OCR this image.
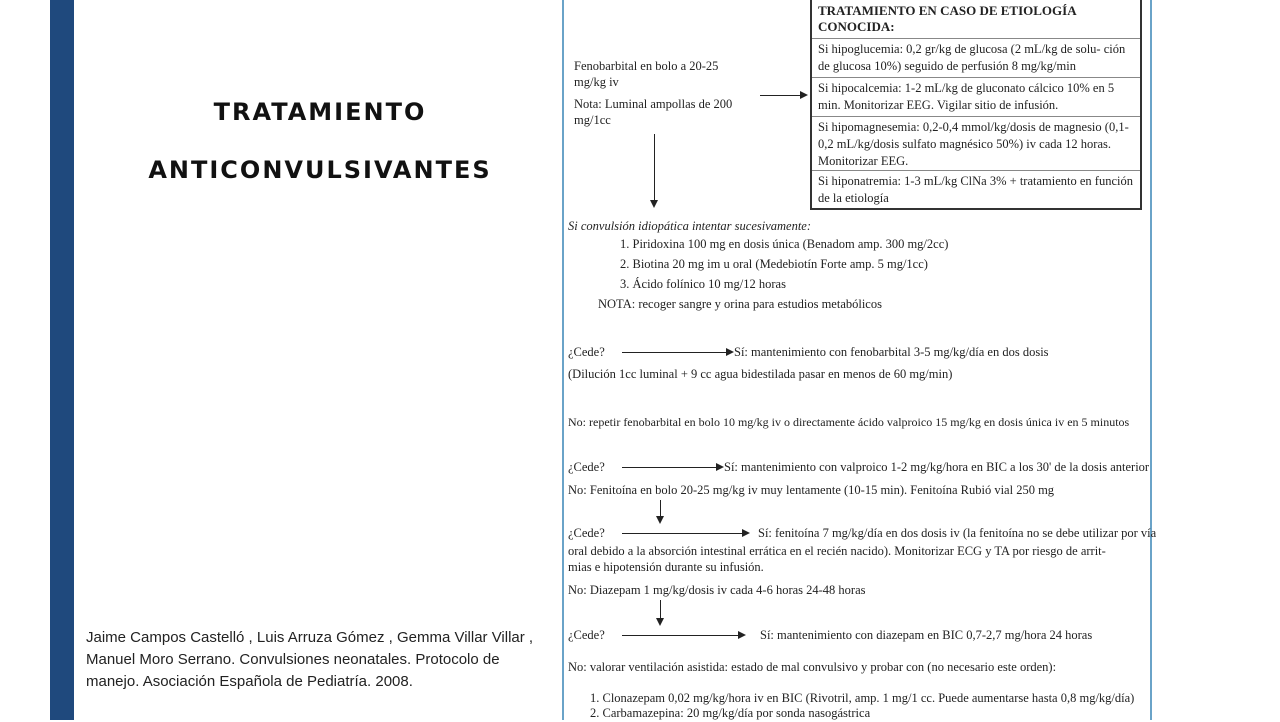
tratamiento
anticonvulsivantes
Jaime Campos Castelló , Luis Arruza Gómez , Gemma Villar Villar , Manuel Moro Serrano. Convulsiones neonatales. Protocolo de manejo. Asociación Española de Pediatría. 2008.
TRATAMIENTO EN CASO DE ETIOLOGÍA
CONOCIDA:
Si hipoglucemia: 0,2 gr/kg de glucosa (2 mL/kg de solu- ción de glucosa 10%) seguido de perfusión 8 mg/kg/min
Si hipocalcemia: 1-2 mL/kg de gluconato cálcico 10% en 5 min. Monitorizar EEG. Vigilar sitio de infusión.
Si hipomagnesemia: 0,2-0,4 mmol/kg/dosis de magnesio (0,1-0,2 mL/kg/dosis sulfato magnésico 50%) iv cada 12 horas. Monitorizar EEG.
Si hiponatremia: 1-3 mL/kg ClNa 3% + tratamiento en función de la etiología
Fenobarbital en bolo a 20-25
mg/kg iv
Nota: Luminal ampollas de 200
mg/1cc
Si convulsión idiopática intentar sucesivamente:
1. Piridoxina 100 mg en dosis única (Benadom amp. 300 mg/2cc)
2. Biotina 20 mg im u oral (Medebiotín Forte amp. 5 mg/1cc)
3. Ácido folínico 10 mg/12 horas
NOTA: recoger sangre y orina para estudios metabólicos
¿Cede?	Sí: mantenimiento con fenobarbital 3-5 mg/kg/día en dos dosis
(Dilución 1cc luminal + 9 cc agua bidestilada pasar en menos de 60 mg/min)
No: repetir fenobarbital en bolo 10 mg/kg iv o directamente ácido valproico 15 mg/kg en dosis única iv en 5 minutos
¿Cede?	Sí: mantenimiento con valproico 1-2 mg/kg/hora en BIC a los 30' de la dosis anterior
No: Fenitoína en bolo 20-25 mg/kg iv muy lentamente (10-15 min). Fenitoína Rubió vial 250 mg
¿Cede?	Sí: fenitoína 7 mg/kg/día en dos dosis iv (la fenitoína no se debe utilizar por vía
oral debido a la absorción intestinal errática en el recién nacido). Monitorizar ECG y TA por riesgo de arrit-
mias e hipotensión durante su infusión.
No: Diazepam 1 mg/kg/dosis iv cada 4-6 horas 24-48 horas
¿Cede?	Sí: mantenimiento con diazepam en BIC 0,7-2,7 mg/hora 24 horas
No: valorar ventilación asistida: estado de mal convulsivo y probar con (no necesario este orden):
1. Clonazepam 0,02 mg/kg/hora iv en BIC (Rivotril, amp. 1 mg/1 cc. Puede aumentarse hasta 0,8 mg/kg/día)
2. Carbamazepina: 20 mg/kg/día por sonda nasogástrica
